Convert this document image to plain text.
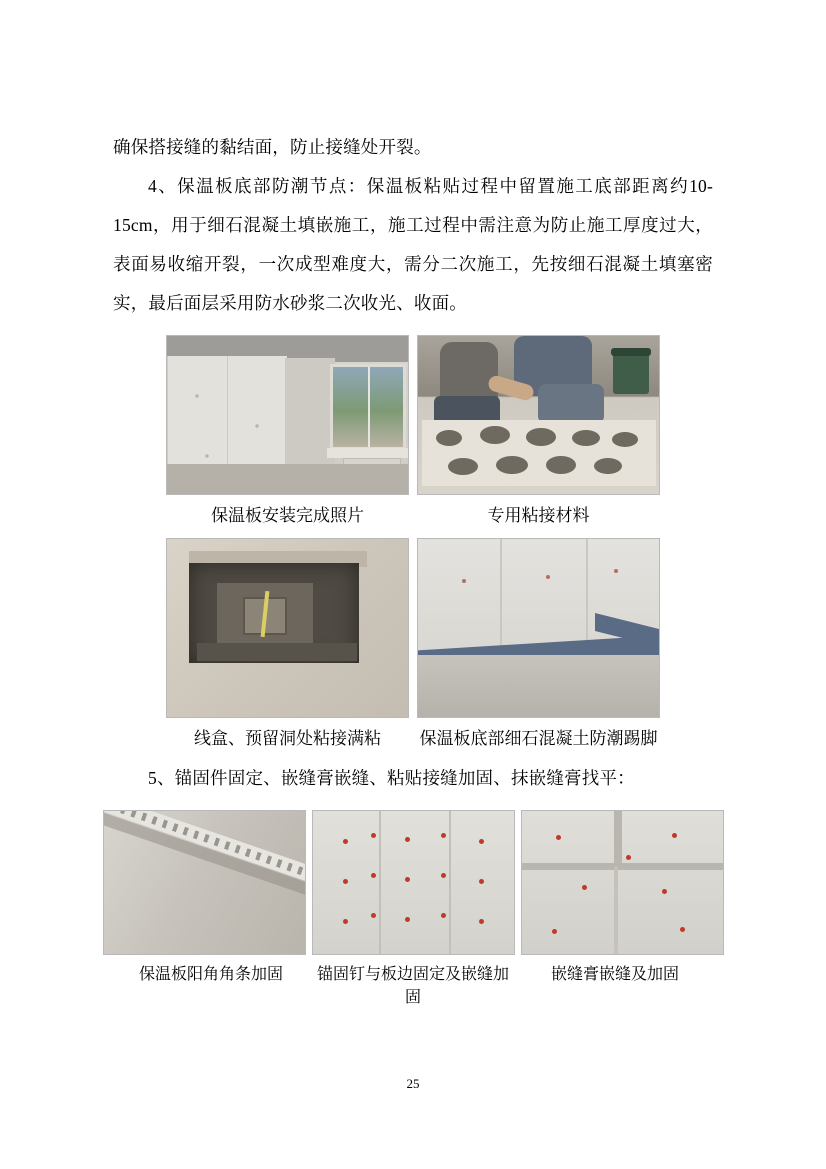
确保搭接缝的黏结面，防止接缝处开裂。

4、保温板底部防潮节点：保温板粘贴过程中留置施工底部距离约10-15cm，用于细石混凝土填嵌施工，施工过程中需注意为防止施工厚度过大，表面易收缩开裂，一次成型难度大，需分二次施工，先按细石混凝土填塞密实，最后面层采用防水砂浆二次收光、收面。

保温板安装完成照片	专用粘接材料
线盒、预留洞处粘接满粘	保温板底部细石混凝土防潮踢脚

5、锚固件固定、嵌缝膏嵌缝、粘贴接缝加固、抹嵌缝膏找平：

保温板阳角角条加固	锚固钉与板边固定及嵌缝加固
嵌缝膏嵌缝及加固
25
